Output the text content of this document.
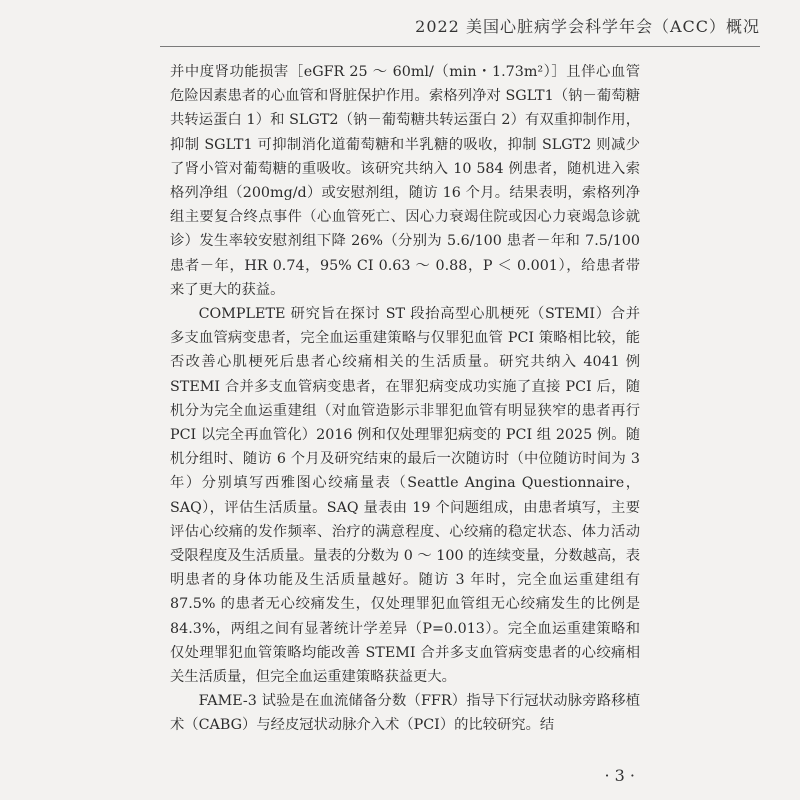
2022 美国心脏病学会科学年会（ACC）概况

并中度肾功能损害［eGFR 25 ～ 60ml/（min・1.73m²）］且伴心血管危险因素患者的心血管和肾脏保护作用。索格列净对 SGLT1（钠－葡萄糖共转运蛋白 1）和 SLGT2（钠－葡萄糖共转运蛋白 2）有双重抑制作用，抑制 SGLT1 可抑制消化道葡萄糖和半乳糖的吸收，抑制 SLGT2 则减少了肾小管对葡萄糖的重吸收。该研究共纳入 10 584 例患者，随机进入索格列净组（200mg/d）或安慰剂组，随访 16 个月。结果表明，索格列净组主要复合终点事件（心血管死亡、因心力衰竭住院或因心力衰竭急诊就诊）发生率较安慰剂组下降 26%（分别为 5.6/100 患者－年和 7.5/100 患者－年，HR 0.74，95% CI 0.63 ～ 0.88，P ＜ 0.001），给患者带来了更大的获益。

COMPLETE 研究旨在探讨 ST 段抬高型心肌梗死（STEMI）合并多支血管病变患者，完全血运重建策略与仅罪犯血管 PCI 策略相比较，能否改善心肌梗死后患者心绞痛相关的生活质量。研究共纳入 4041 例 STEMI 合并多支血管病变患者，在罪犯病变成功实施了直接 PCI 后，随机分为完全血运重建组（对血管造影示非罪犯血管有明显狭窄的患者再行 PCI 以完全再血管化）2016 例和仅处理罪犯病变的 PCI 组 2025 例。随机分组时、随访 6 个月及研究结束的最后一次随访时（中位随访时间为 3 年）分别填写西雅图心绞痛量表（Seattle Angina Questionnaire，SAQ），评估生活质量。SAQ 量表由 19 个问题组成，由患者填写，主要评估心绞痛的发作频率、治疗的满意程度、心绞痛的稳定状态、体力活动受限程度及生活质量。量表的分数为 0 ～ 100 的连续变量，分数越高，表明患者的身体功能及生活质量越好。随访 3 年时，完全血运重建组有 87.5% 的患者无心绞痛发生，仅处理罪犯血管组无心绞痛发生的比例是 84.3%，两组之间有显著统计学差异（P=0.013）。完全血运重建策略和仅处理罪犯血管策略均能改善 STEMI 合并多支血管病变患者的心绞痛相关生活质量，但完全血运重建策略获益更大。

FAME-3 试验是在血流储备分数（FFR）指导下行冠状动脉旁路移植术（CABG）与经皮冠状动脉介入术（PCI）的比较研究。结

· 3 ·
